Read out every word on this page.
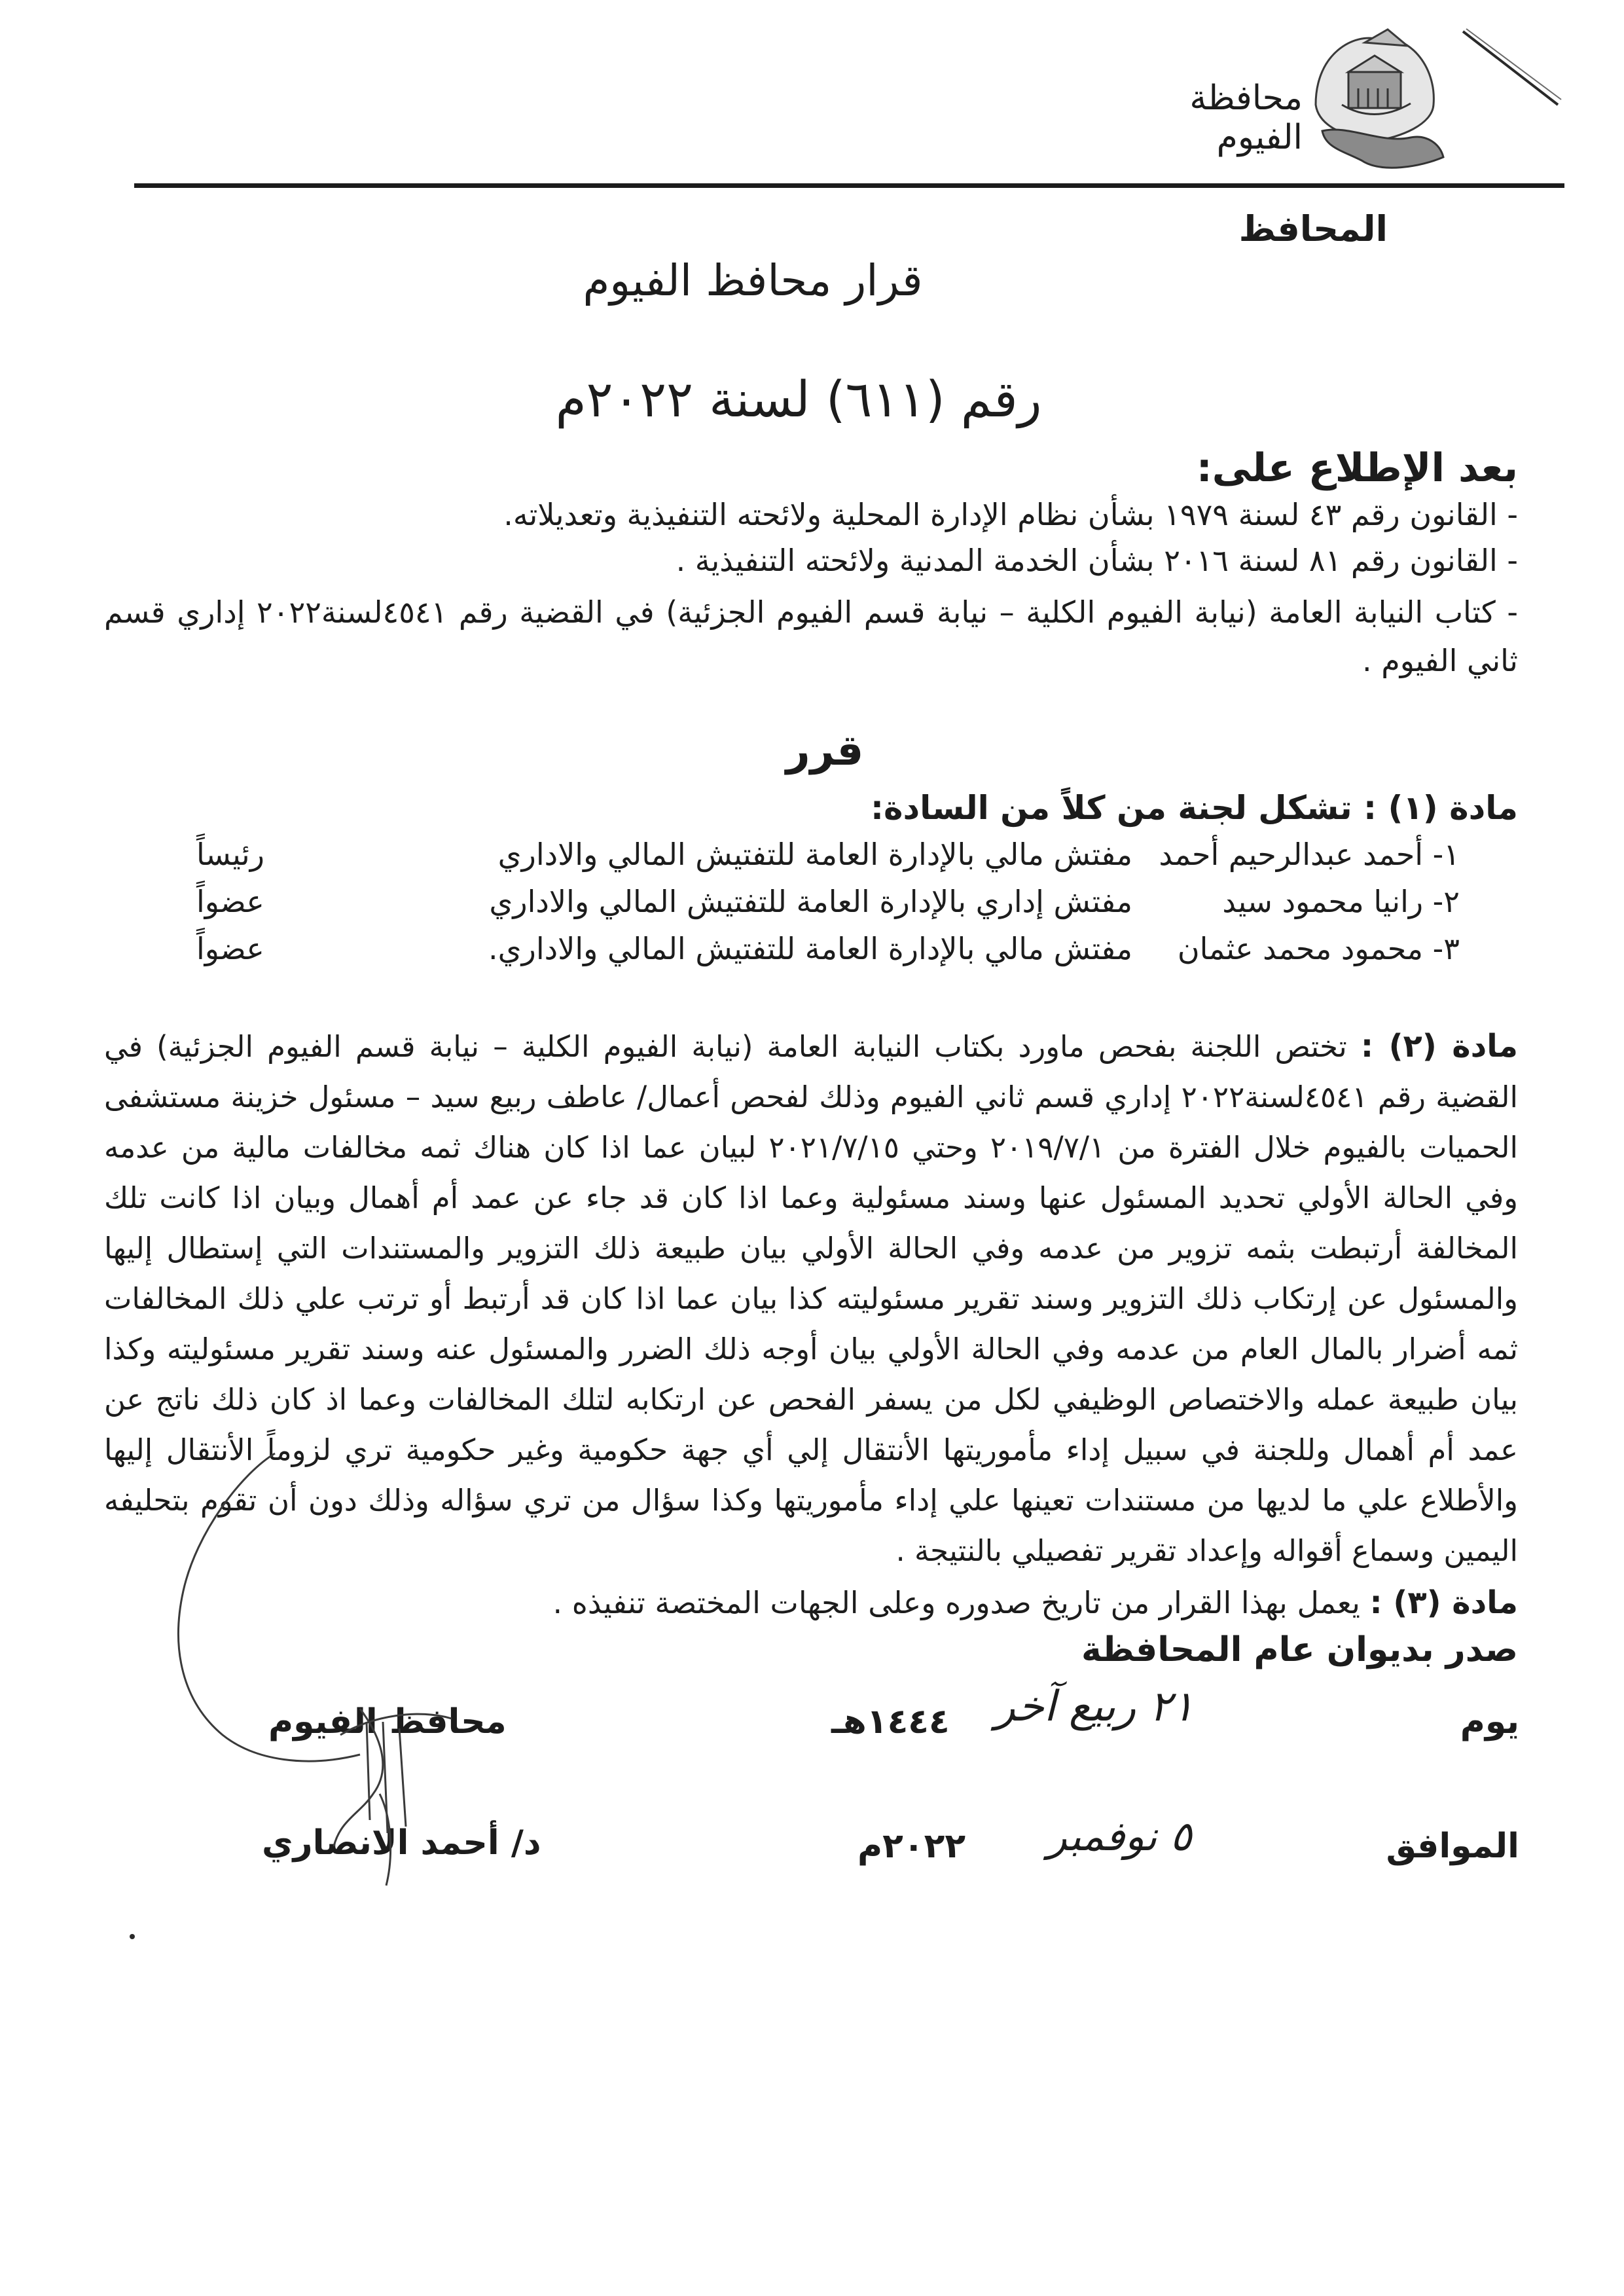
محافظة الفيوم
المحافظ
قرار محافظ الفيوم
رقم (٦١١) لسنة ٢٠٢٢م
بعد الإطلاع على:
- القانون رقم ٤٣ لسنة ١٩٧٩ بشأن نظام الإدارة المحلية ولائحته التنفيذية وتعديلاته.
- القانون رقم ٨١ لسنة ٢٠١٦ بشأن الخدمة المدنية ولائحته التنفيذية .
- كتاب النيابة العامة (نيابة الفيوم الكلية – نيابة قسم الفيوم الجزئية) في القضية رقم ٤٥٤١لسنة٢٠٢٢ إداري قسم ثاني الفيوم .
قرر
مادة (١) : تشكل لجنة من كلاً من السادة:
١- أحمد عبدالرحيم أحمد
مفتش مالي بالإدارة العامة للتفتيش المالي والاداري
رئيساً
٢- رانيا محمود سيد
مفتش إداري بالإدارة العامة للتفتيش المالي والاداري
عضواً
٣- محمود محمد عثمان
مفتش مالي بالإدارة العامة للتفتيش المالي والاداري.
عضواً
مادة (٢) : تختص اللجنة بفحص ماورد بكتاب النيابة العامة (نيابة الفيوم الكلية – نيابة قسم الفيوم الجزئية) في القضية رقم ٤٥٤١لسنة٢٠٢٢ إداري قسم ثاني الفيوم وذلك لفحص أعمال/ عاطف ربيع سيد – مسئول خزينة مستشفى الحميات بالفيوم خلال الفترة من ٢٠١٩/٧/١ وحتي ٢٠٢١/٧/١٥ لبيان عما اذا كان هناك ثمه مخالفات مالية من عدمه وفي الحالة الأولي تحديد المسئول عنها وسند مسئولية وعما اذا كان قد جاء عن عمد أم أهمال وبيان اذا كانت تلك المخالفة أرتبطت بثمه تزوير من عدمه وفي الحالة الأولي بيان طبيعة ذلك التزوير والمستندات التي إستطال إليها والمسئول عن إرتكاب ذلك التزوير وسند تقرير مسئوليته كذا بيان عما اذا كان قد أرتبط أو ترتب علي ذلك المخالفات ثمه أضرار بالمال العام من عدمه وفي الحالة الأولي بيان أوجه ذلك الضرر والمسئول عنه وسند تقرير مسئوليته وكذا بيان طبيعة عمله والاختصاص الوظيفي لكل من يسفر الفحص عن ارتكابه لتلك المخالفات وعما اذ كان ذلك ناتج عن عمد أم أهمال وللجنة في سبيل إداء مأموريتها الأنتقال إلي أي جهة حكومية وغير حكومية تري لزوماً الأنتقال إليها والأطلاع علي ما لديها من مستندات تعينها علي إداء مأموريتها وكذا سؤال من تري سؤاله وذلك دون أن تقوم بتحليفه اليمين وسماع أقواله وإعداد تقرير تفصيلي بالنتيجة .
مادة (٣) : يعمل بهذا القرار من تاريخ صدوره وعلى الجهات المختصة تنفيذه .
صدر بديوان عام المحافظة
يوم
٢١ ربيع آخر
١٤٤٤هـ
الموافق
٥ نوفمبر
٢٠٢٢م
محافظ الفيوم
د/ أحمد الانصاري
